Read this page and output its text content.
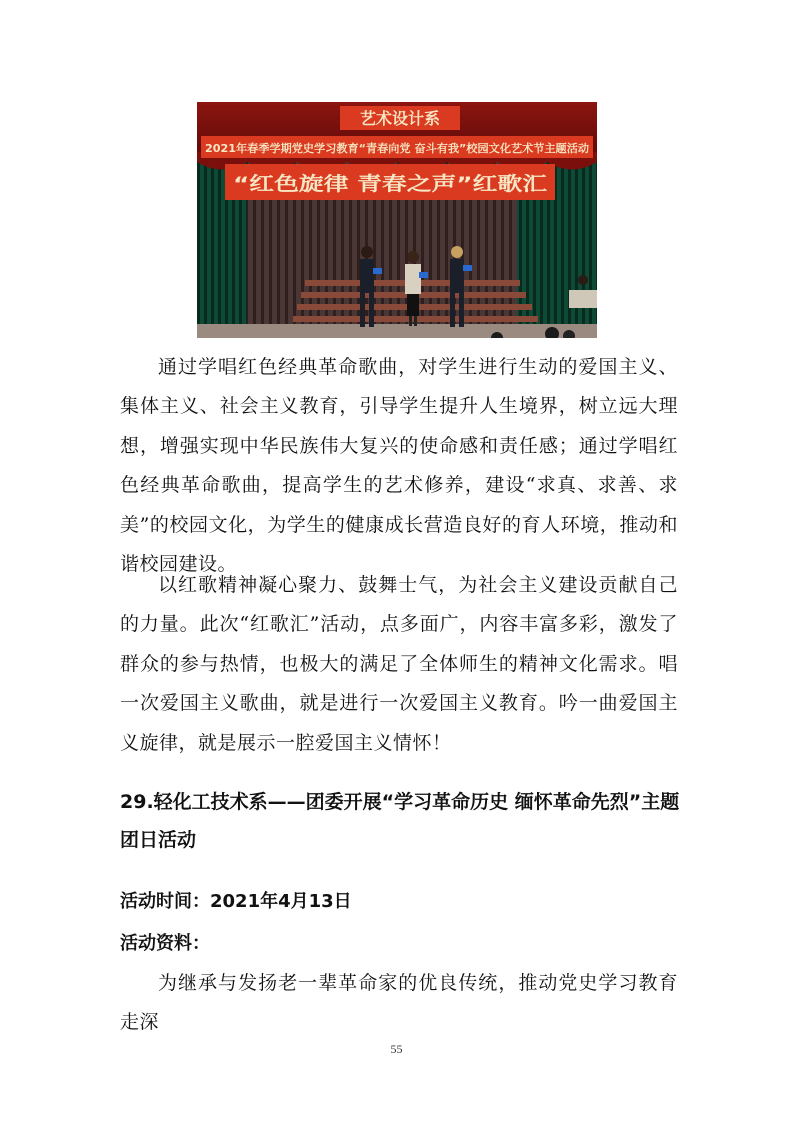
艺术设计系
2021年春季学期党史学习教育“青春向党 奋斗有我”校园文化艺术节主题活动
“红色旋律 青春之声”红歌汇

通过学唱红色经典革命歌曲，对学生进行生动的爱国主义、集体主义、社会主义教育，引导学生提升人生境界，树立远大理想，增强实现中华民族伟大复兴的使命感和责任感；通过学唱红色经典革命歌曲，提高学生的艺术修养，建设“求真、求善、求美”的校园文化，为学生的健康成长营造良好的育人环境，推动和谐校园建设。

以红歌精神凝心聚力、鼓舞士气，为社会主义建设贡献自己的力量。此次“红歌汇”活动，点多面广，内容丰富多彩，激发了群众的参与热情，也极大的满足了全体师生的精神文化需求。唱一次爱国主义歌曲，就是进行一次爱国主义教育。吟一曲爱国主义旋律，就是展示一腔爱国主义情怀！

29.轻化工技术系——团委开展“学习革命历史 缅怀革命先烈”主题团日活动

活动时间：2021年4月13日

活动资料：

为继承与发扬老一辈革命家的优良传统，推动党史学习教育走深

55
